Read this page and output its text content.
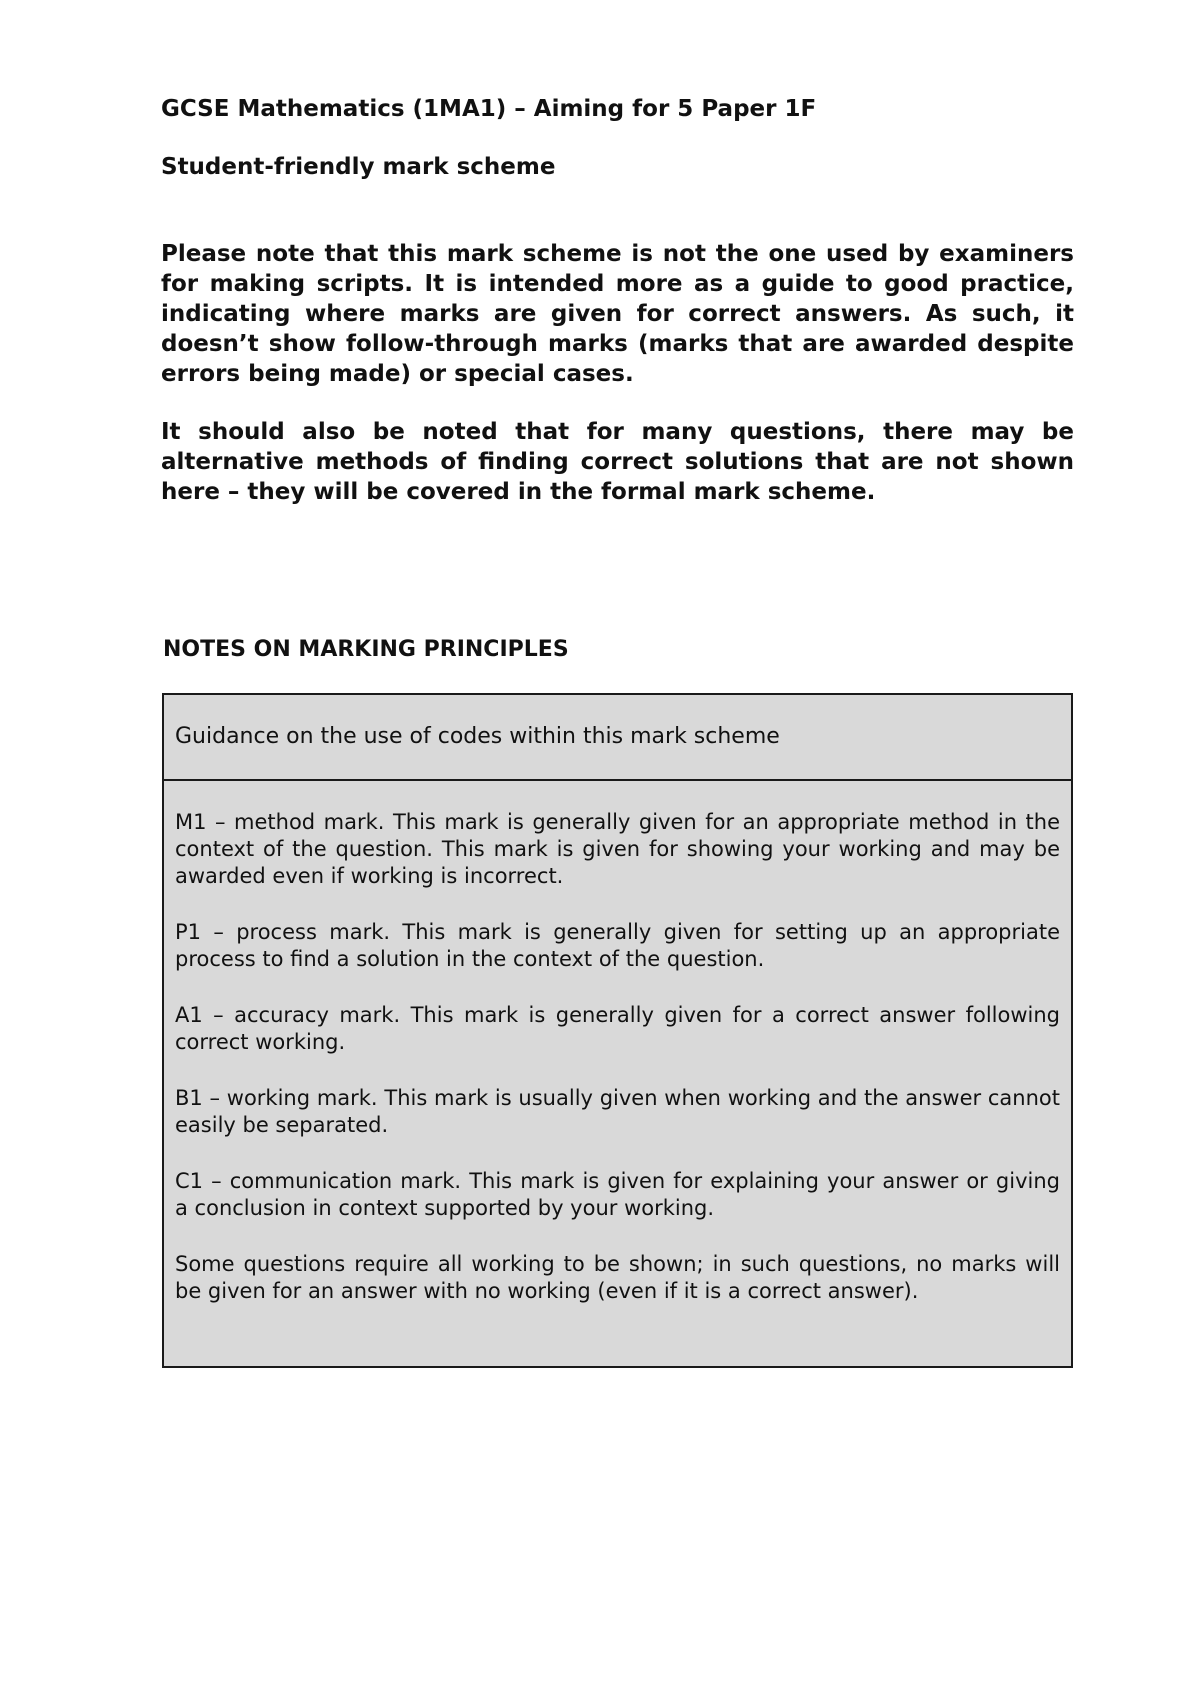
GCSE Mathematics (1MA1) – Aiming for 5 Paper 1F
Student-friendly mark scheme

Please note that this mark scheme is not the one used by examiners for making scripts. It is intended more as a guide to good practice, indicating where marks are given for correct answers. As such, it doesn’t show follow-through marks (marks that are awarded despite errors being made) or special cases.

It should also be noted that for many questions, there may be alternative methods of finding correct solutions that are not shown here – they will be covered in the formal mark scheme.

NOTES ON MARKING PRINCIPLES
Guidance on the use of codes within this mark scheme

M1 – method mark. This mark is generally given for an appropriate method in the context of the question. This mark is given for showing your working and may be awarded even if working is incorrect.

P1 – process mark. This mark is generally given for setting up an appropriate process to find a solution in the context of the question.

A1 – accuracy mark. This mark is generally given for a correct answer following correct working.

B1 – working mark. This mark is usually given when working and the answer cannot easily be separated.

C1 – communication mark. This mark is given for explaining your answer or giving a conclusion in context supported by your working.

Some questions require all working to be shown; in such questions, no marks will be given for an answer with no working (even if it is a correct answer).
